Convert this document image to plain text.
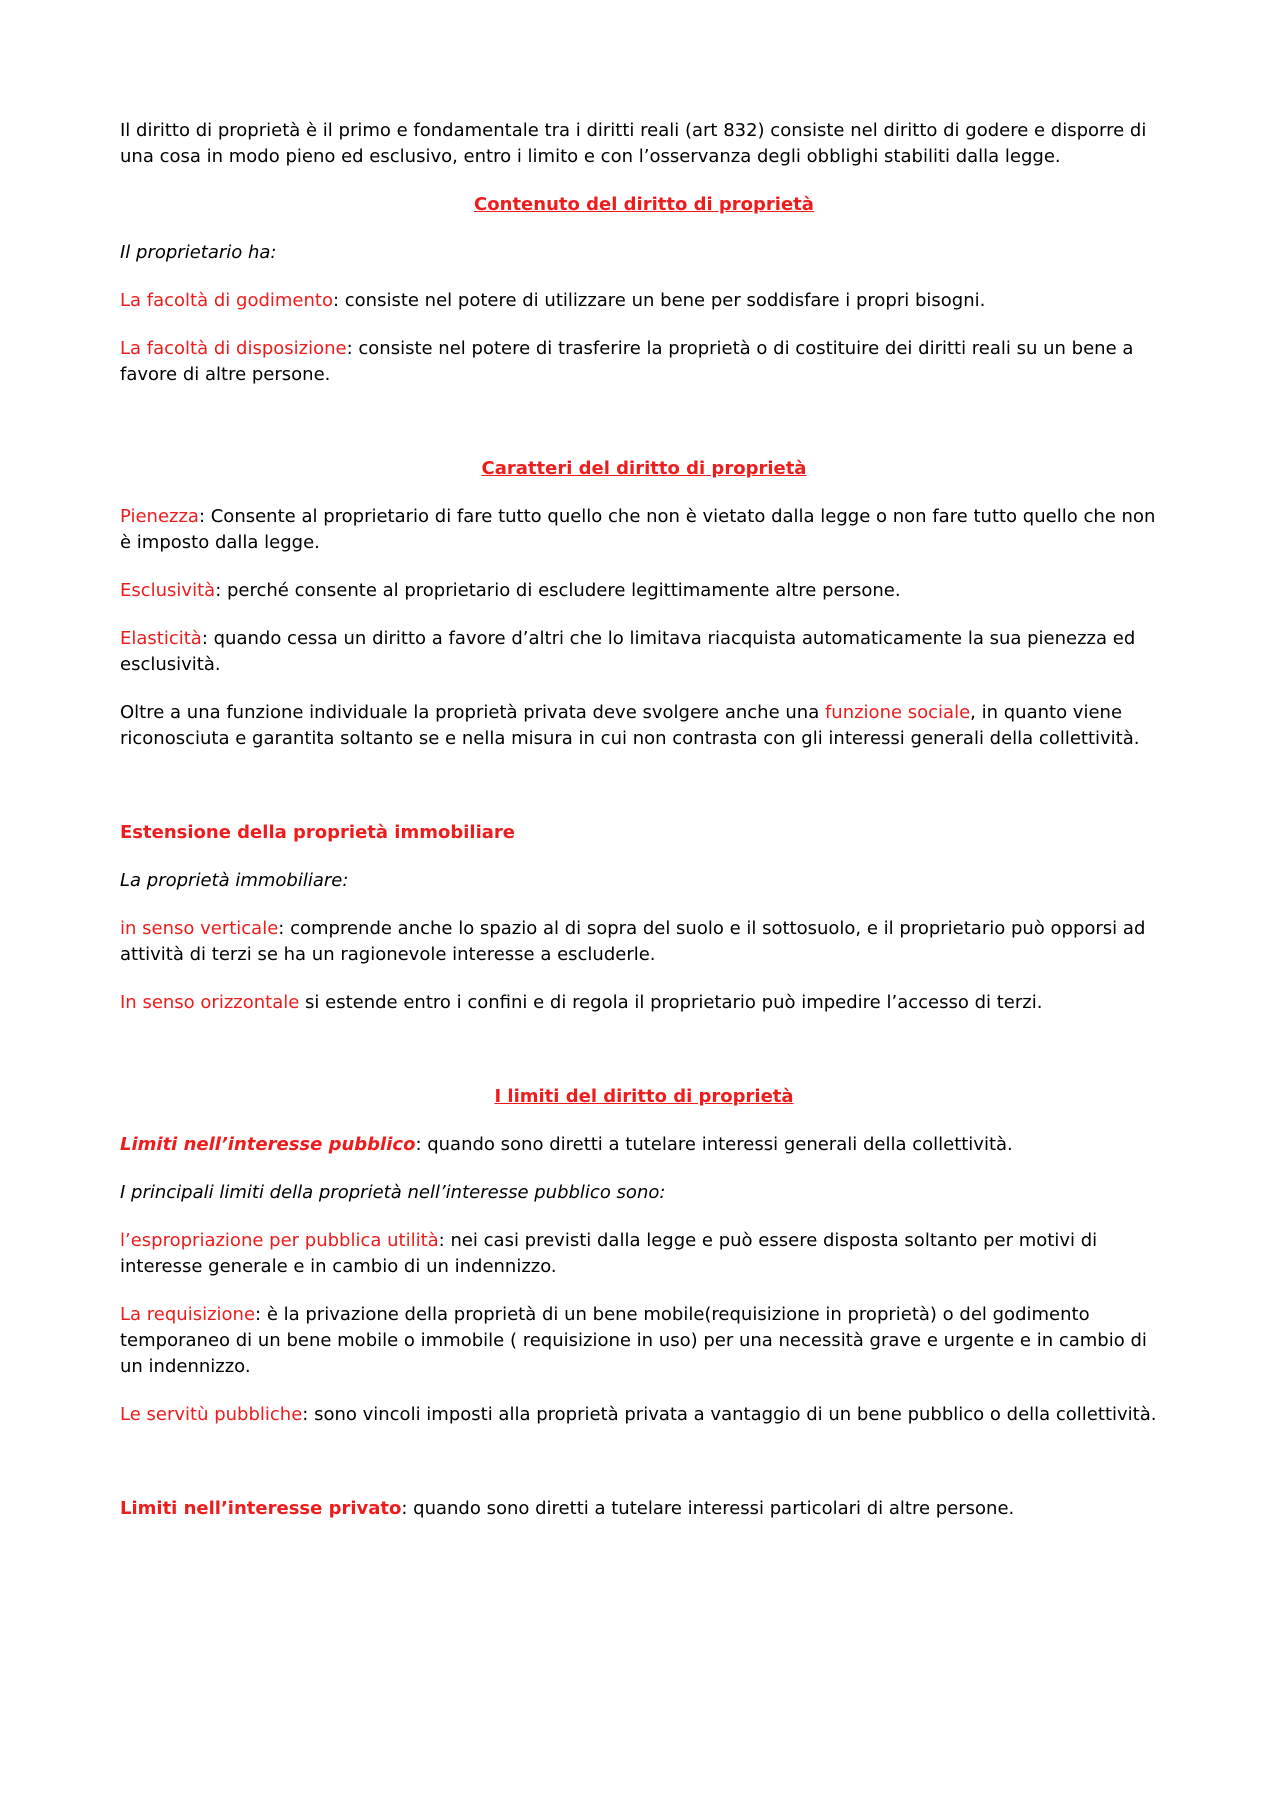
Il diritto di proprietà è il primo e fondamentale tra i diritti reali (art 832) consiste nel diritto di godere e disporre di una cosa in modo pieno ed esclusivo, entro i limito e con l’osservanza degli obblighi stabiliti dalla legge.

Contenuto del diritto di proprietà

Il proprietario ha:

La facoltà di godimento: consiste nel potere di utilizzare un bene per soddisfare i propri bisogni.

La facoltà di disposizione: consiste nel potere di trasferire la proprietà o di costituire dei diritti reali su un bene a favore di altre persone.

Caratteri del diritto di proprietà

Pienezza: Consente al proprietario di fare tutto quello che non è vietato dalla legge o non fare tutto quello che non è imposto dalla legge.

Esclusività: perché consente al proprietario di escludere legittimamente altre persone.

Elasticità: quando cessa un diritto a favore d’altri che lo limitava riacquista automaticamente la sua pienezza ed esclusività.

Oltre a una funzione individuale la proprietà privata deve svolgere anche una funzione sociale, in quanto viene riconosciuta e garantita soltanto se e nella misura in cui non contrasta con gli interessi generali della collettività.

Estensione della proprietà immobiliare

La proprietà immobiliare:

in senso verticale: comprende anche lo spazio al di sopra del suolo e il sottosuolo, e il proprietario può opporsi ad attività di terzi se ha un ragionevole interesse a escluderle.

In senso orizzontale si estende entro i confini e di regola il proprietario può impedire l’accesso di terzi.

I limiti del diritto di proprietà

Limiti nell’interesse pubblico: quando sono diretti a tutelare interessi generali della collettività.

I principali limiti della proprietà nell’interesse pubblico sono:

l’espropriazione per pubblica utilità: nei casi previsti dalla legge e può essere disposta soltanto per motivi di interesse generale e in cambio di un indennizzo.

La requisizione: è la privazione della proprietà di un bene mobile(requisizione in proprietà) o del godimento temporaneo di un bene mobile o immobile ( requisizione in uso) per una necessità grave e urgente e in cambio di un indennizzo.

Le servitù pubbliche: sono vincoli imposti alla proprietà privata a vantaggio di un bene pubblico o della collettività.

Limiti nell’interesse privato: quando sono diretti a tutelare interessi particolari di altre persone.
